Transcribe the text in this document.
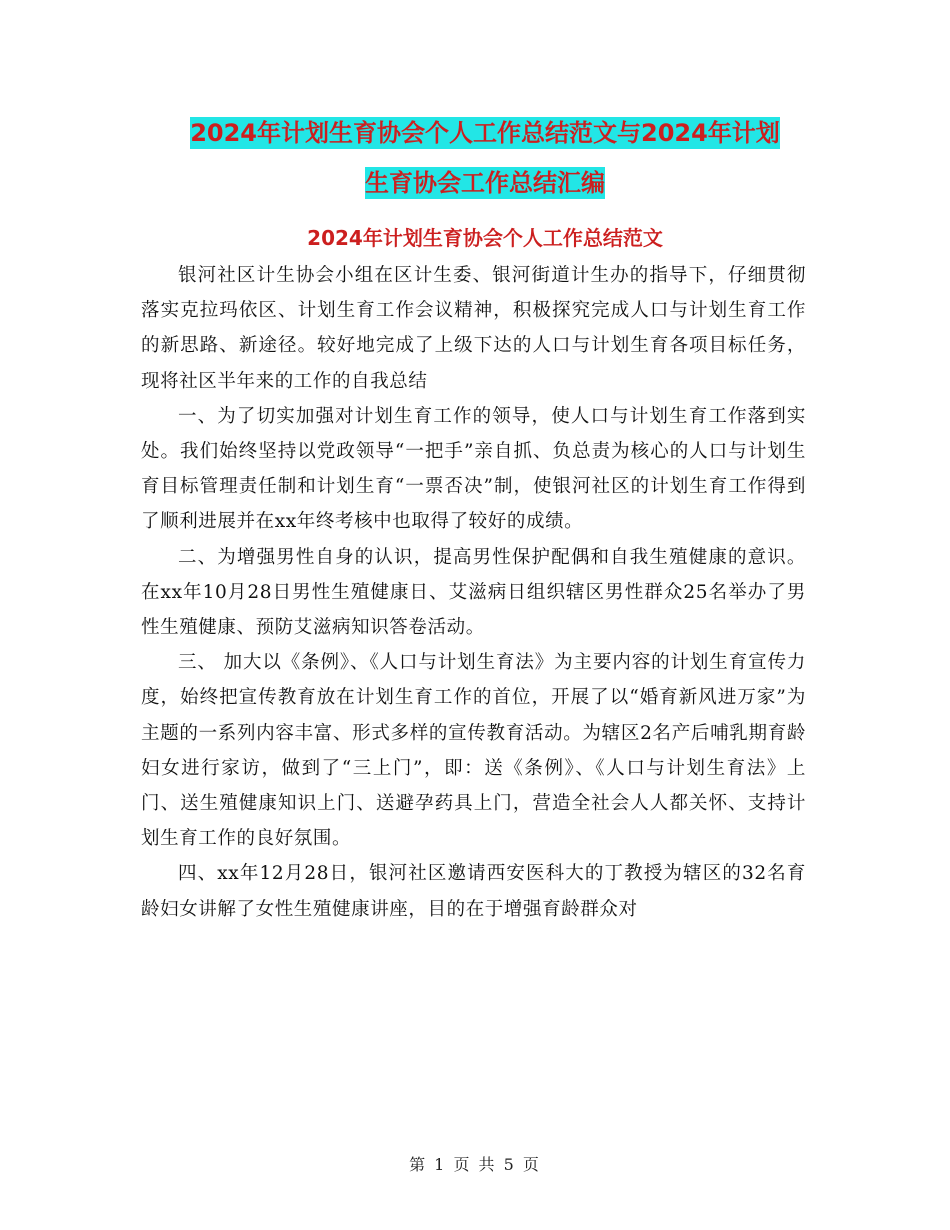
2024年计划生育协会个人工作总结范文与2024年计划
生育协会工作总结汇编
2024年计划生育协会个人工作总结范文

银河社区计生协会小组在区计生委、银河街道计生办的指导下，仔细贯彻落实克拉玛依区、计划生育工作会议精神，积极探究完成人口与计划生育工作的新思路、新途径。较好地完成了上级下达的人口与计划生育各项目标任务，现将社区半年来的工作的自我总结

一、为了切实加强对计划生育工作的领导，使人口与计划生育工作落到实处。我们始终坚持以党政领导“一把手”亲自抓、负总责为核心的人口与计划生育目标管理责任制和计划生育“一票否决”制，使银河社区的计划生育工作得到了顺利进展并在xx年终考核中也取得了较好的成绩。

二、为增强男性自身的认识，提高男性保护配偶和自我生殖健康的意识。在xx年10月28日男性生殖健康日、艾滋病日组织辖区男性群众25名举办了男性生殖健康、预防艾滋病知识答卷活动。

三、 加大以《条例》、《人口与计划生育法》为主要内容的计划生育宣传力度，始终把宣传教育放在计划生育工作的首位，开展了以“婚育新风进万家”为主题的一系列内容丰富、形式多样的宣传教育活动。为辖区2名产后哺乳期育龄妇女进行家访，做到了“三上门”，即：送《条例》、《人口与计划生育法》上门、送生殖健康知识上门、送避孕药具上门，营造全社会人人都关怀、支持计划生育工作的良好氛围。

四、xx年12月28日，银河社区邀请西安医科大的丁教授为辖区的32名育龄妇女讲解了女性生殖健康讲座，目的在于增强育龄群众对

第 1 页 共 5 页
